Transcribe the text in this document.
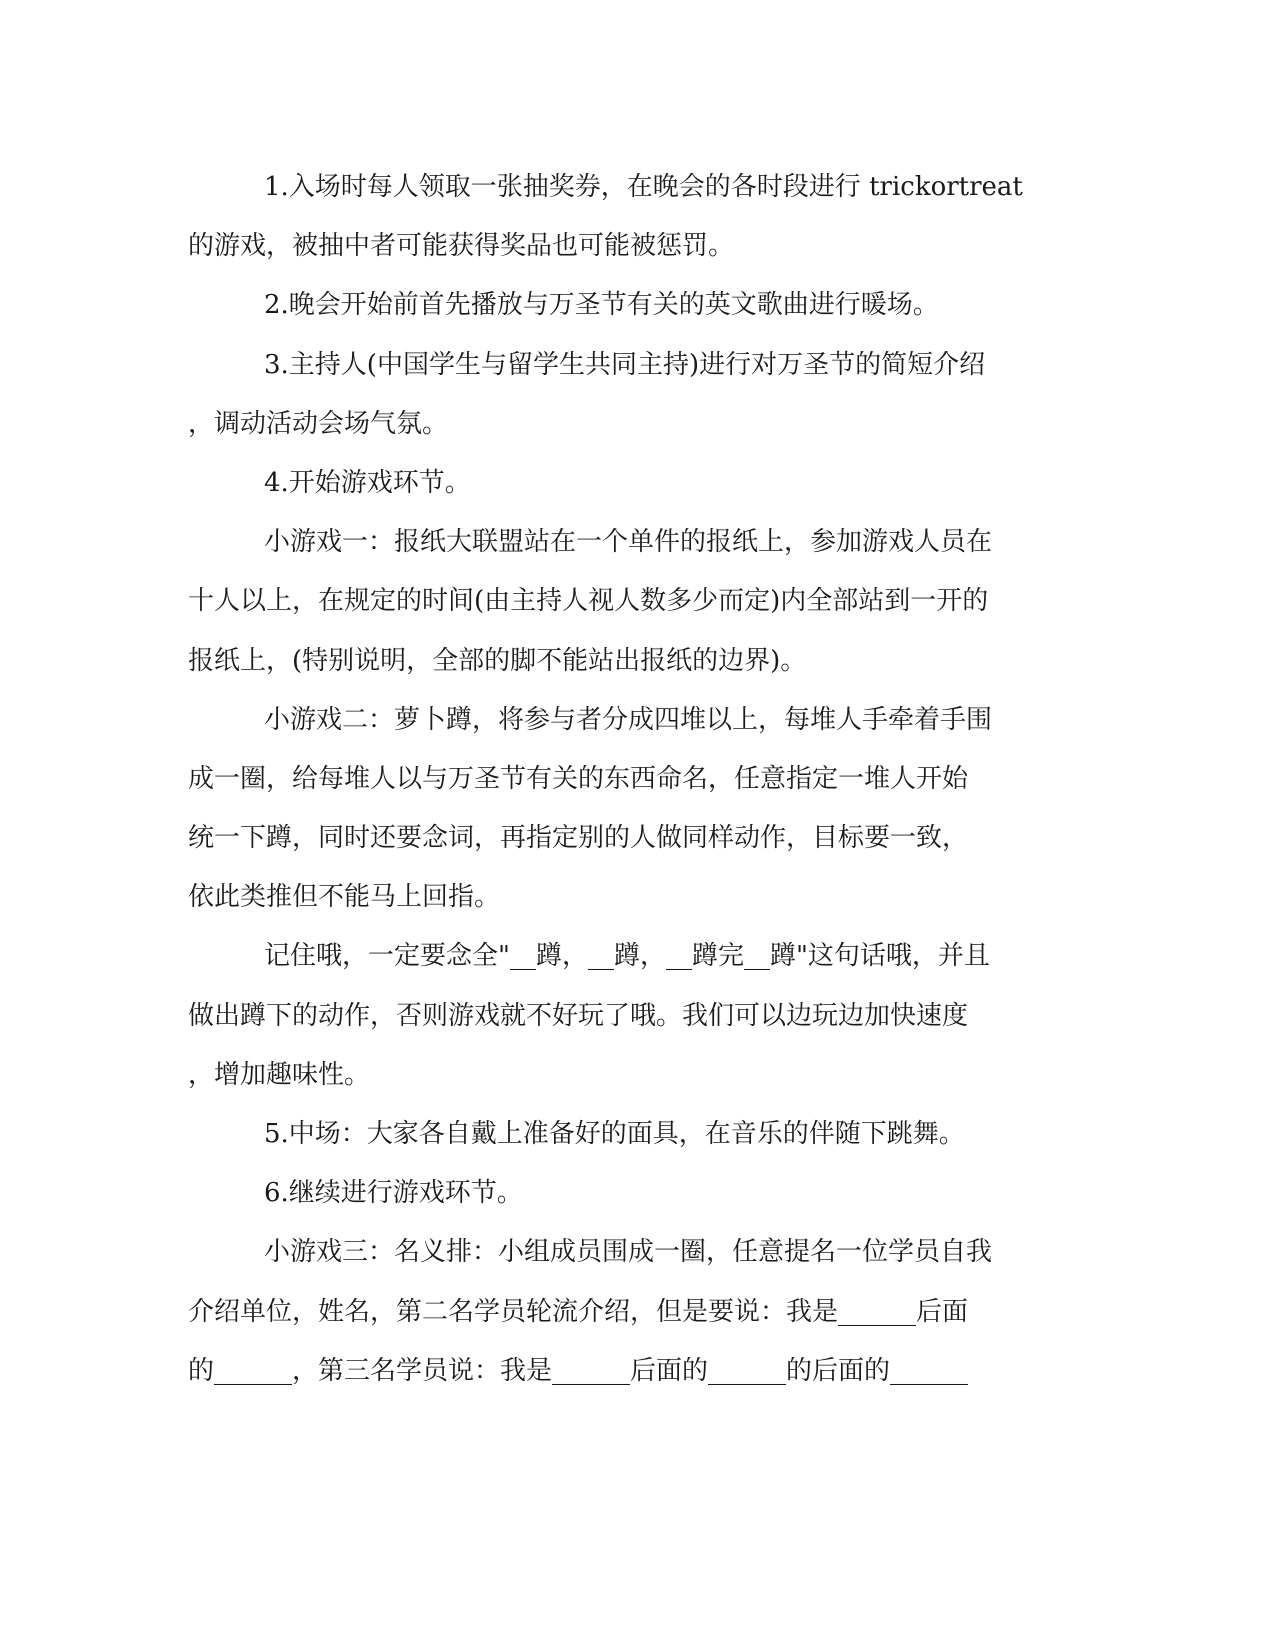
1.入场时每人领取一张抽奖券，在晚会的各时段进行 trickortreat
的游戏，被抽中者可能获得奖品也可能被惩罚。
2.晚会开始前首先播放与万圣节有关的英文歌曲进行暖场。
3.主持人(中国学生与留学生共同主持)进行对万圣节的简短介绍
，调动活动会场气氛。
4.开始游戏环节。
小游戏一：报纸大联盟站在一个单件的报纸上，参加游戏人员在
十人以上，在规定的时间(由主持人视人数多少而定)内全部站到一开的
报纸上，(特别说明，全部的脚不能站出报纸的边界)。
小游戏二：萝卜蹲，将参与者分成四堆以上，每堆人手牵着手围
成一圈，给每堆人以与万圣节有关的东西命名，任意指定一堆人开始
统一下蹲，同时还要念词，再指定别的人做同样动作，目标要一致，
依此类推但不能马上回指。
记住哦，一定要念全"__蹲，__蹲，__蹲完__蹲"这句话哦，并且
做出蹲下的动作，否则游戏就不好玩了哦。我们可以边玩边加快速度
，增加趣味性。
5.中场：大家各自戴上准备好的面具，在音乐的伴随下跳舞。
6.继续进行游戏环节。
小游戏三：名义排：小组成员围成一圈，任意提名一位学员自我
介绍单位，姓名，第二名学员轮流介绍，但是要说：我是______后面
的______，第三名学员说：我是______后面的______的后面的______
